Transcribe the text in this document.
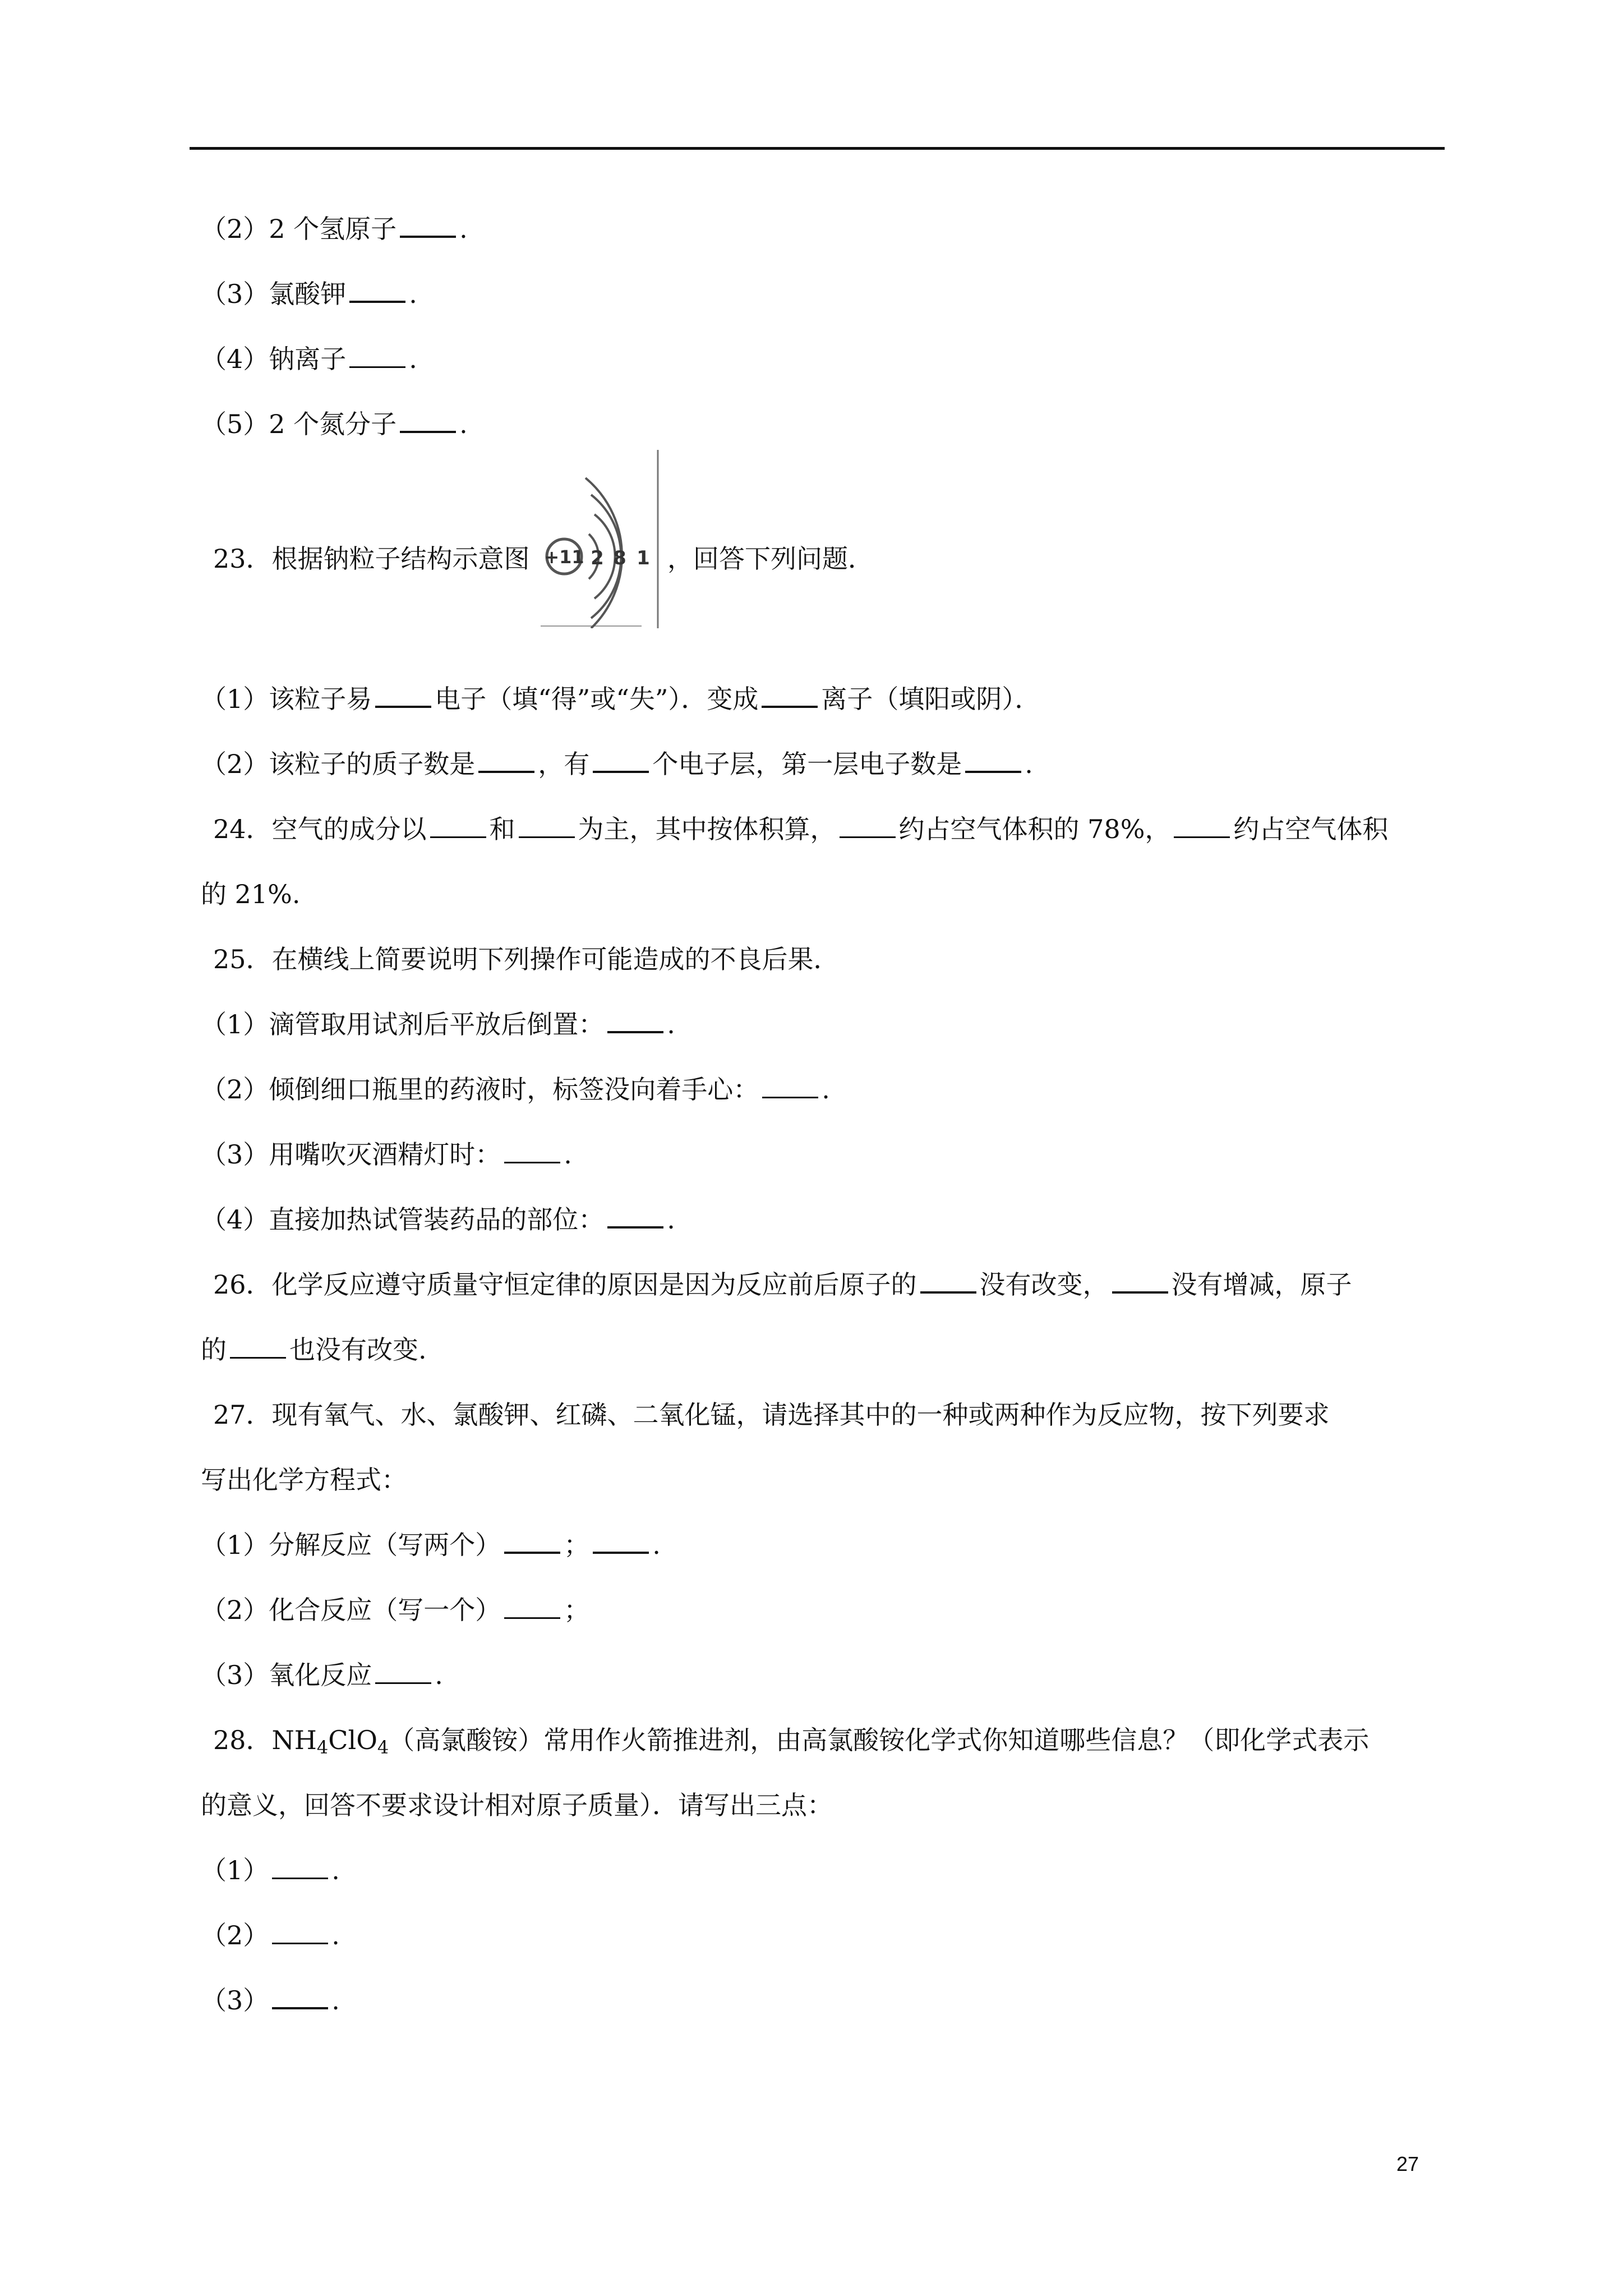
（2）2 个氢原子 .
（3）氯酸钾 .
（4）钠离子 .
（5）2 个氮分子 .
23．根据钠粒子结构示意图 +11 2 8 1 ，回答下列问题．
（1）该粒子易 电子（填“得”或“失”）．变成 离子（填阳或阴）．
（2）该粒子的质子数是 ，有 个电子层，第一层电子数是 .
24．空气的成分以 和 为主，其中按体积算， 约占空气体积的 78%， 约占空气体积
的 21%.
25．在横线上简要说明下列操作可能造成的不良后果．
（1）滴管取用试剂后平放后倒置： .
（2）倾倒细口瓶里的药液时，标签没向着手心： .
（3）用嘴吹灭酒精灯时： .
（4）直接加热试管装药品的部位： .
26．化学反应遵守质量守恒定律的原因是因为反应前后原子的 没有改变， 没有增减，原子
的 也没有改变.
27．现有氧气、水、氯酸钾、红磷、二氧化锰，请选择其中的一种或两种作为反应物，按下列要求
写出化学方程式：
（1）分解反应（写两个） ； .
（2）化合反应（写一个） ；
（3）氧化反应 .
28．$NH_4ClO_4$（高氯酸铵）常用作火箭推进剂，由高氯酸铵化学式你知道哪些信息？（即化学式表示
的意义，回答不要求设计相对原子质量）．请写出三点：
（1） .
（2） .
（3） .
27
